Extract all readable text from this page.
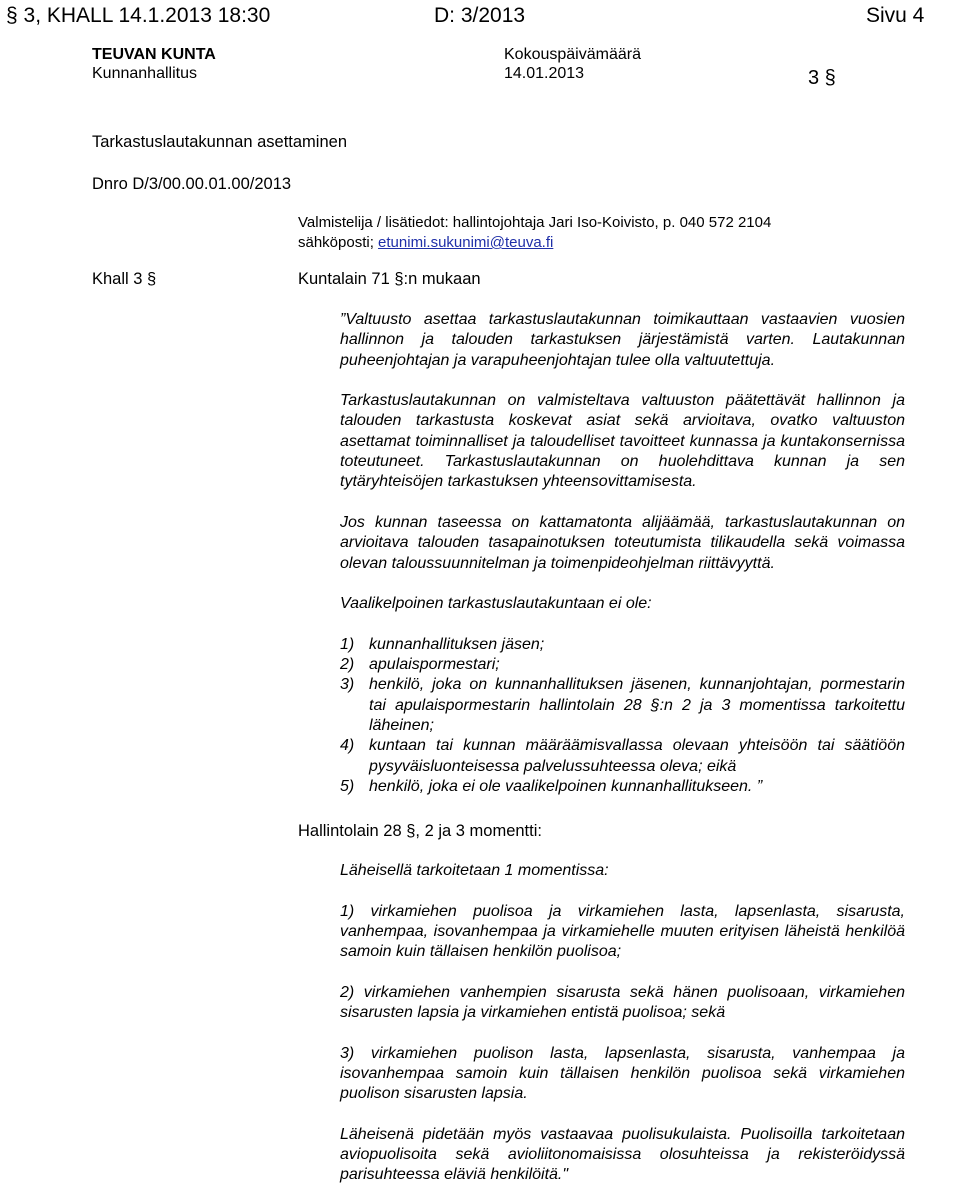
§ 3, KHALL 14.1.2013 18:30	D: 3/2013	Sivu 4
TEUVAN KUNTA
Kunnanhallitus
Kokouspäivämäärä
14.01.2013	3 §
Tarkastuslautakunnan asettaminen
Dnro D/3/00.00.01.00/2013
Valmistelija / lisätiedot: hallintojohtaja Jari Iso-Koivisto, p. 040 572 2104
sähköposti; etunimi.sukunimi@teuva.fi
Khall 3 §	Kuntalain 71 §:n mukaan

”Valtuusto asettaa tarkastuslautakunnan toimikauttaan vastaavien vuosien hallinnon ja talouden tarkastuksen järjestämistä varten. Lautakunnan puheenjohtajan ja varapuheenjohtajan tulee olla valtuutettuja.

Tarkastuslautakunnan on valmisteltava valtuuston päätettävät hallinnon ja talouden tarkastusta koskevat asiat sekä arvioitava, ovatko valtuuston asettamat toiminnalliset ja taloudelliset tavoitteet kunnassa ja kuntakonsernissa toteutuneet. Tarkastuslautakunnan on huolehdittava kunnan ja sen tytäryhteisöjen tarkastuksen yhteensovittamisesta.

Jos kunnan taseessa on kattamatonta alijäämää, tarkastuslautakunnan on arvioitava talouden tasapainotuksen toteutumista tilikaudella sekä voimassa olevan taloussuunnitelman ja toimenpideohjelman riittävyyttä.

Vaalikelpoinen tarkastuslautakuntaan ei ole:

1) kunnanhallituksen jäsen;
2) apulaispormestari;
3) henkilö, joka on kunnanhallituksen jäsenen, kunnanjohtajan, pormestarin tai apulaispormestarin hallintolain 28 §:n 2 ja 3 momentissa tarkoitettu läheinen;
4) kuntaan tai kunnan määräämisvallassa olevaan yhteisöön tai säätiöön pysyväisluonteisessa palvelussuhteessa oleva; eikä
5) henkilö, joka ei ole vaalikelpoinen kunnanhallitukseen. ”
Hallintolain 28 §, 2 ja 3 momentti:

Läheisellä tarkoitetaan 1 momentissa:

1) virkamiehen puolisoa ja virkamiehen lasta, lapsenlasta, sisarusta, vanhempaa, isovanhempaa ja virkamiehelle muuten erityisen läheistä henkilöä samoin kuin tällaisen henkilön puolisoa;

2) virkamiehen vanhempien sisarusta sekä hänen puolisoaan, virkamiehen sisarusten lapsia ja virkamiehen entistä puolisoa; sekä

3) virkamiehen puolison lasta, lapsenlasta, sisarusta, vanhempaa ja isovanhempaa samoin kuin tällaisen henkilön puolisoa sekä virkamiehen puolison sisarusten lapsia.

Läheisenä pidetään myös vastaavaa puolisukulaista. Puolisoilla tarkoitetaan aviopuolisoita sekä avioliitonomaisissa olosuhteissa ja rekisteröidyssä parisuhteessa eläviä henkilöitä."
